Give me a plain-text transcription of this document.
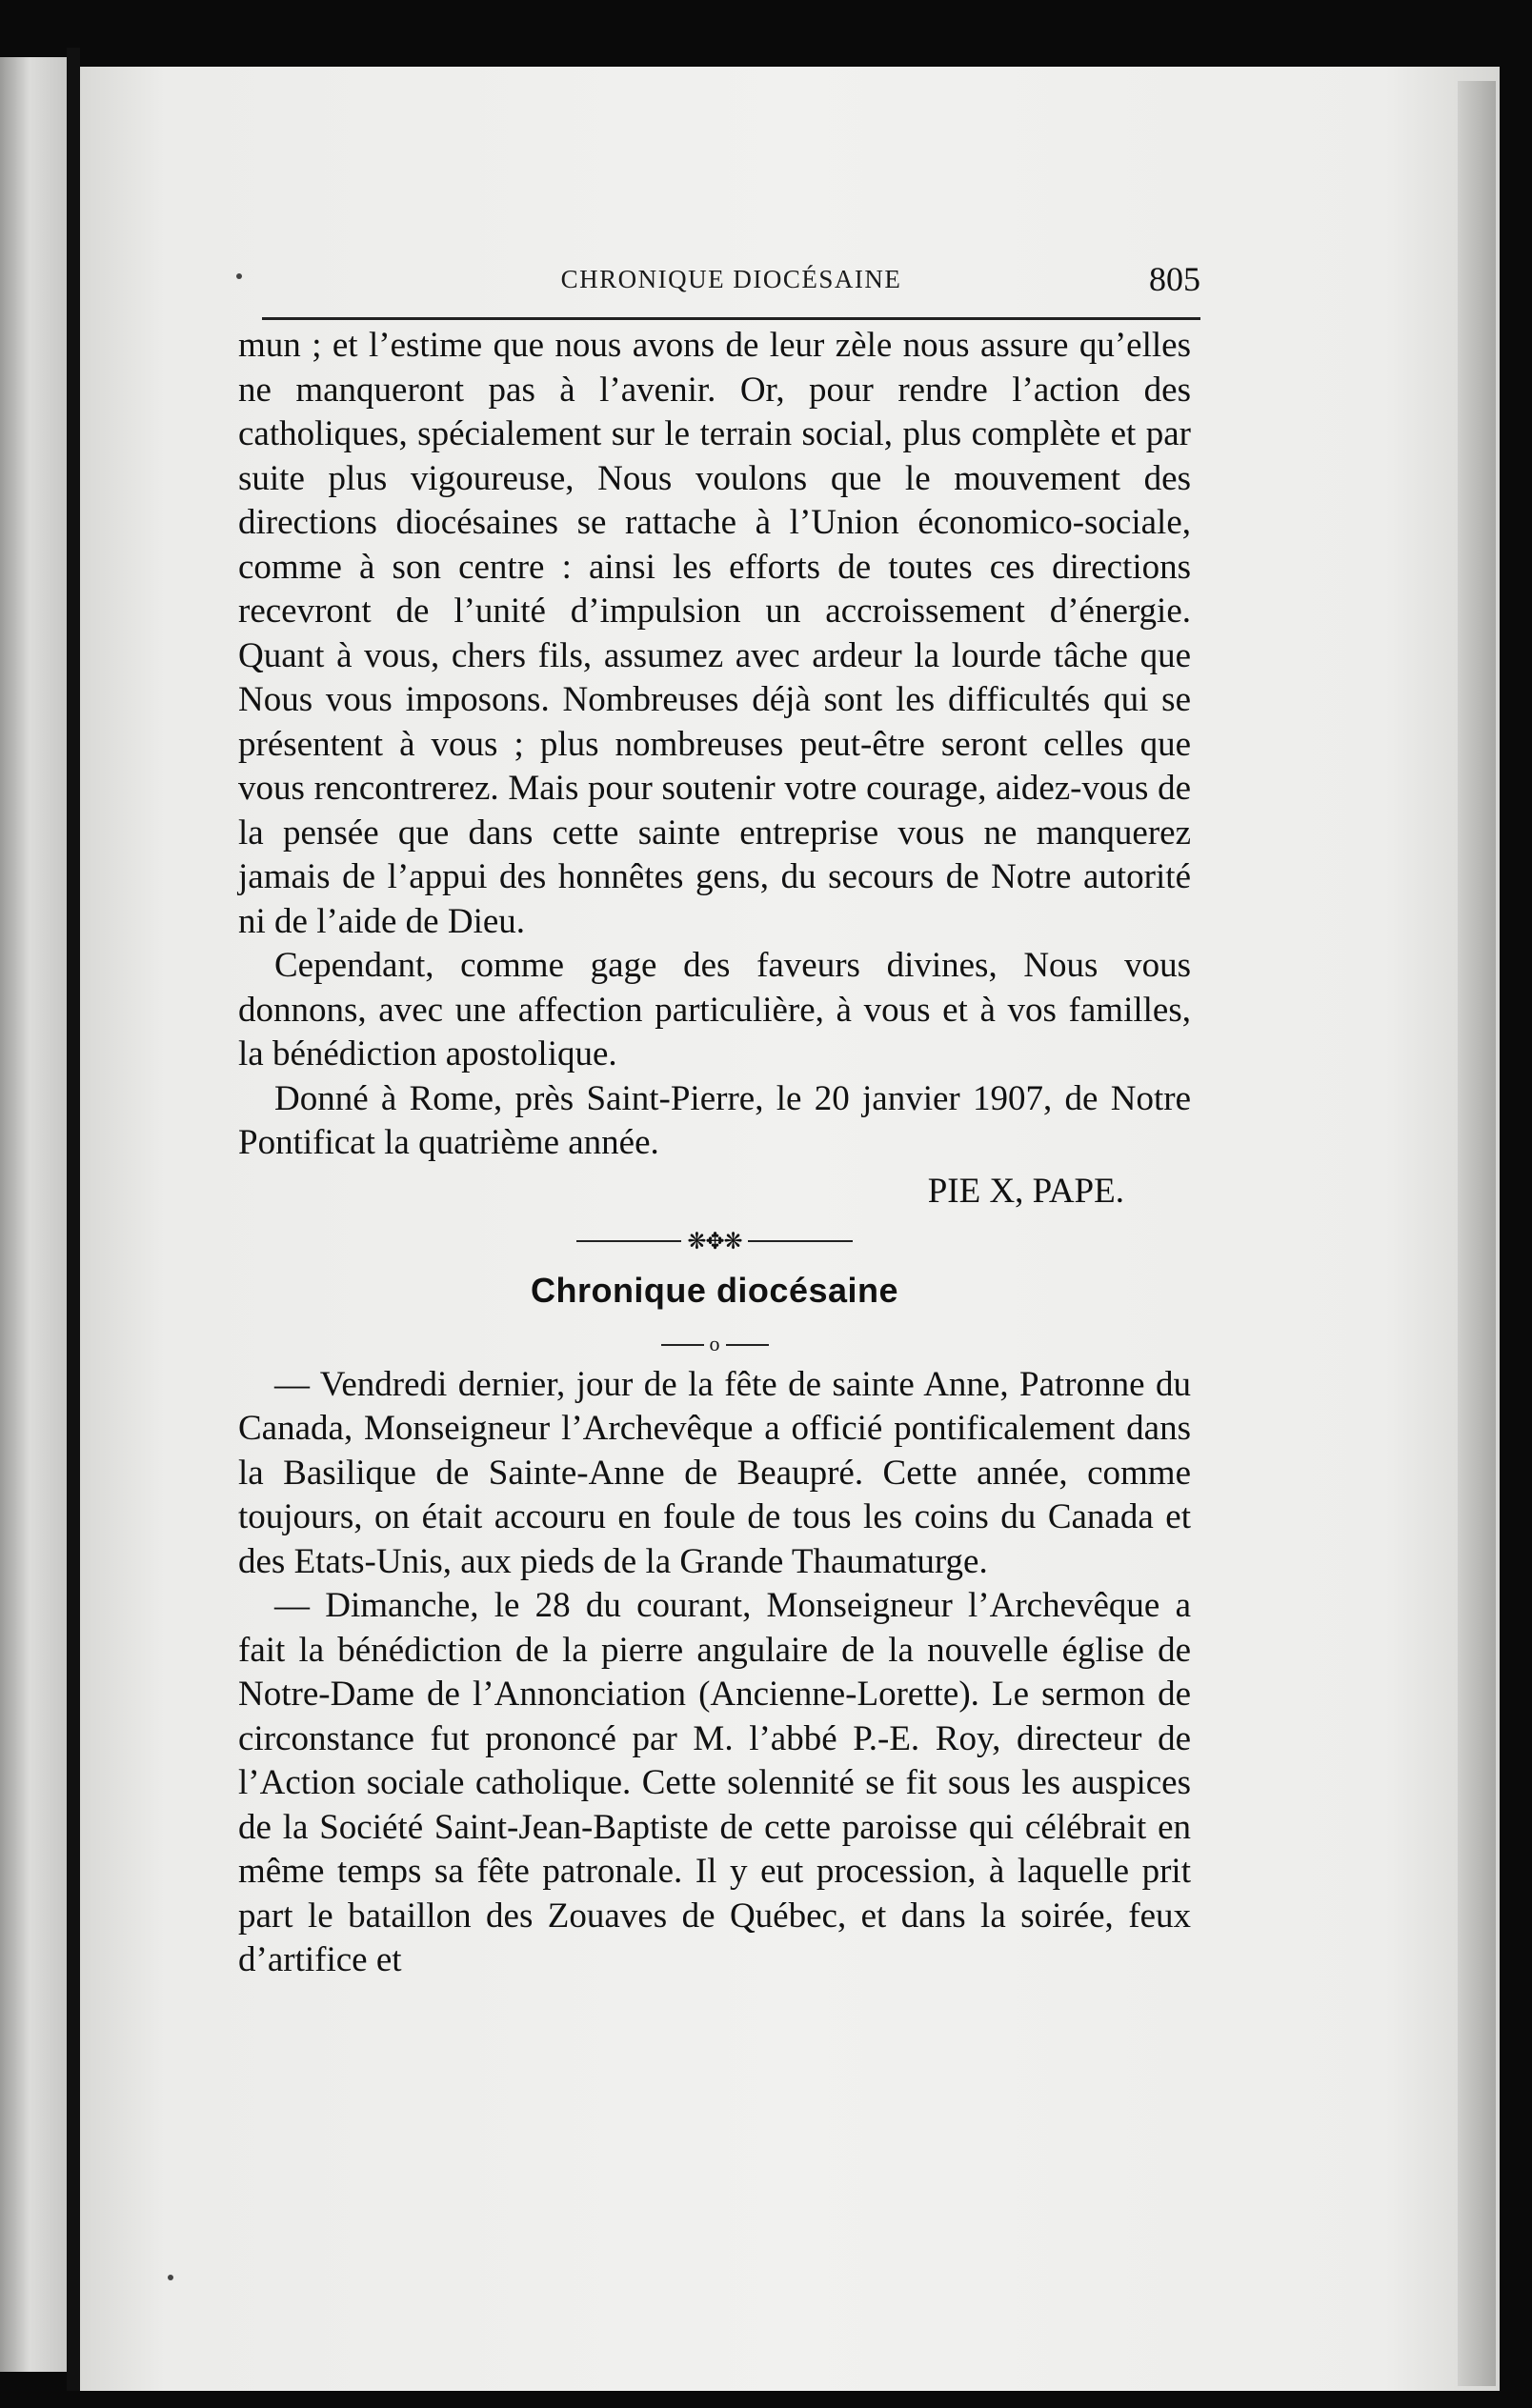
CHRONIQUE DIOCÉSAINE	805

mun ; et l’estime que nous avons de leur zèle nous assure qu’elles ne manqueront pas à l’avenir. Or, pour rendre l’action des catholiques, spécialement sur le terrain social, plus complète et par suite plus vigoureuse, Nous voulons que le mouvement des directions diocésaines se rattache à l’Union économico-sociale, comme à son centre : ainsi les efforts de toutes ces directions recevront de l’unité d’impulsion un accroissement d’énergie. Quant à vous, chers fils, assumez avec ardeur la lourde tâche que Nous vous imposons. Nombreuses déjà sont les difficultés qui se présentent à vous ; plus nombreuses peut-être seront celles que vous rencontrerez. Mais pour soutenir votre courage, aidez-vous de la pensée que dans cette sainte entreprise vous ne manquerez jamais de l’appui des honnêtes gens, du secours de Notre autorité ni de l’aide de Dieu.

Cependant, comme gage des faveurs divines, Nous vous donnons, avec une affection particulière, à vous et à vos familles, la bénédiction apostolique.

Donné à Rome, près Saint-Pierre, le 20 janvier 1907, de Notre Pontificat la quatrième année.

PIE X, PAPE.

❋✥❋

Chronique diocésaine

o

— Vendredi dernier, jour de la fête de sainte Anne, Patronne du Canada, Monseigneur l’Archevêque a officié pontificalement dans la Basilique de Sainte-Anne de Beaupré. Cette année, comme toujours, on était accouru en foule de tous les coins du Canada et des Etats-Unis, aux pieds de la Grande Thaumaturge.

— Dimanche, le 28 du courant, Monseigneur l’Archevêque a fait la bénédiction de la pierre angulaire de la nouvelle église de Notre-Dame de l’Annonciation (Ancienne-Lorette). Le sermon de circonstance fut prononcé par M. l’abbé P.-E. Roy, directeur de l’Action sociale catholique. Cette solennité se fit sous les auspices de la Société Saint-Jean-Baptiste de cette paroisse qui célébrait en même temps sa fête patronale. Il y eut procession, à laquelle prit part le bataillon des Zouaves de Québec, et dans la soirée, feux d’artifice et
